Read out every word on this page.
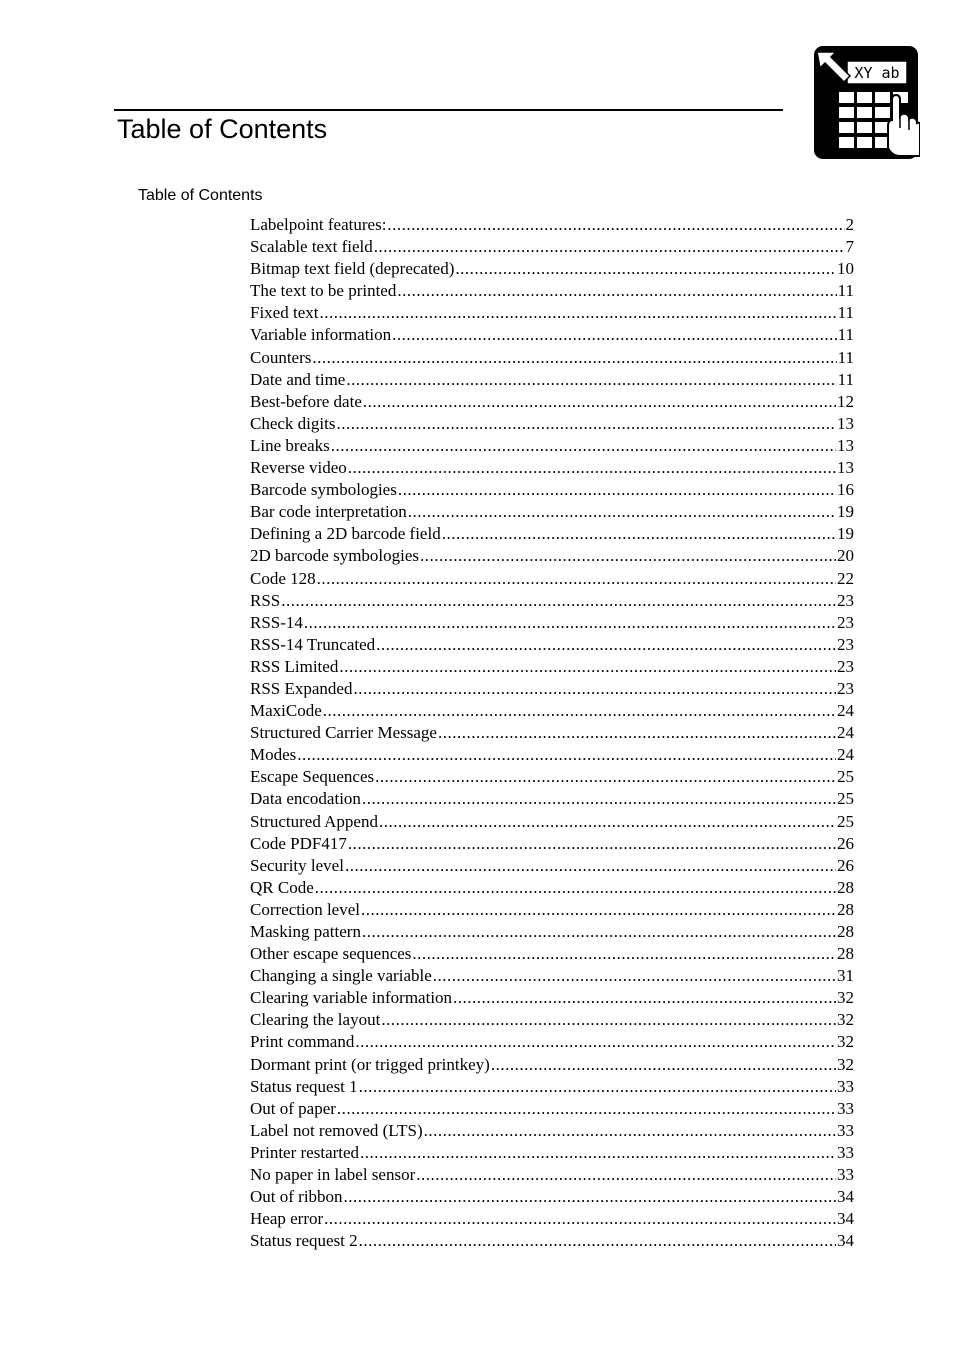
Table of Contents
XY ab
Table of Contents
Labelpoint features: .....	2
Scalable text field .....	7
Bitmap text field (deprecated) .....	10
The text to be printed .....	11
Fixed text .....	11
Variable information .....	11
Counters .....	11
Date and time .....	11
Best-before date .....	12
Check digits .....	13
Line breaks .....	13
Reverse video .....	13
Barcode symbologies .....	16
Bar code interpretation .....	19
Defining a 2D barcode field .....	19
2D barcode symbologies .....	20
Code 128 .....	22
RSS .....	23
RSS-14 .....	23
RSS-14 Truncated .....	23
RSS Limited .....	23
RSS Expanded .....	23
MaxiCode .....	24
Structured Carrier Message .....	24
Modes .....	24
Escape Sequences .....	25
Data encodation .....	25
Structured Append .....	25
Code PDF417 .....	26
Security level .....	26
QR Code .....	28
Correction level .....	28
Masking pattern .....	28
Other escape sequences .....	28
Changing a single variable .....	31
Clearing variable information .....	32
Clearing the layout .....	32
Print command .....	32
Dormant print (or trigged printkey) .....	32
Status request 1 .....	33
Out of paper .....	33
Label not removed (LTS) .....	33
Printer restarted .....	33
No paper in label sensor .....	33
Out of ribbon .....	34
Heap error .....	34
Status request 2 .....	34
